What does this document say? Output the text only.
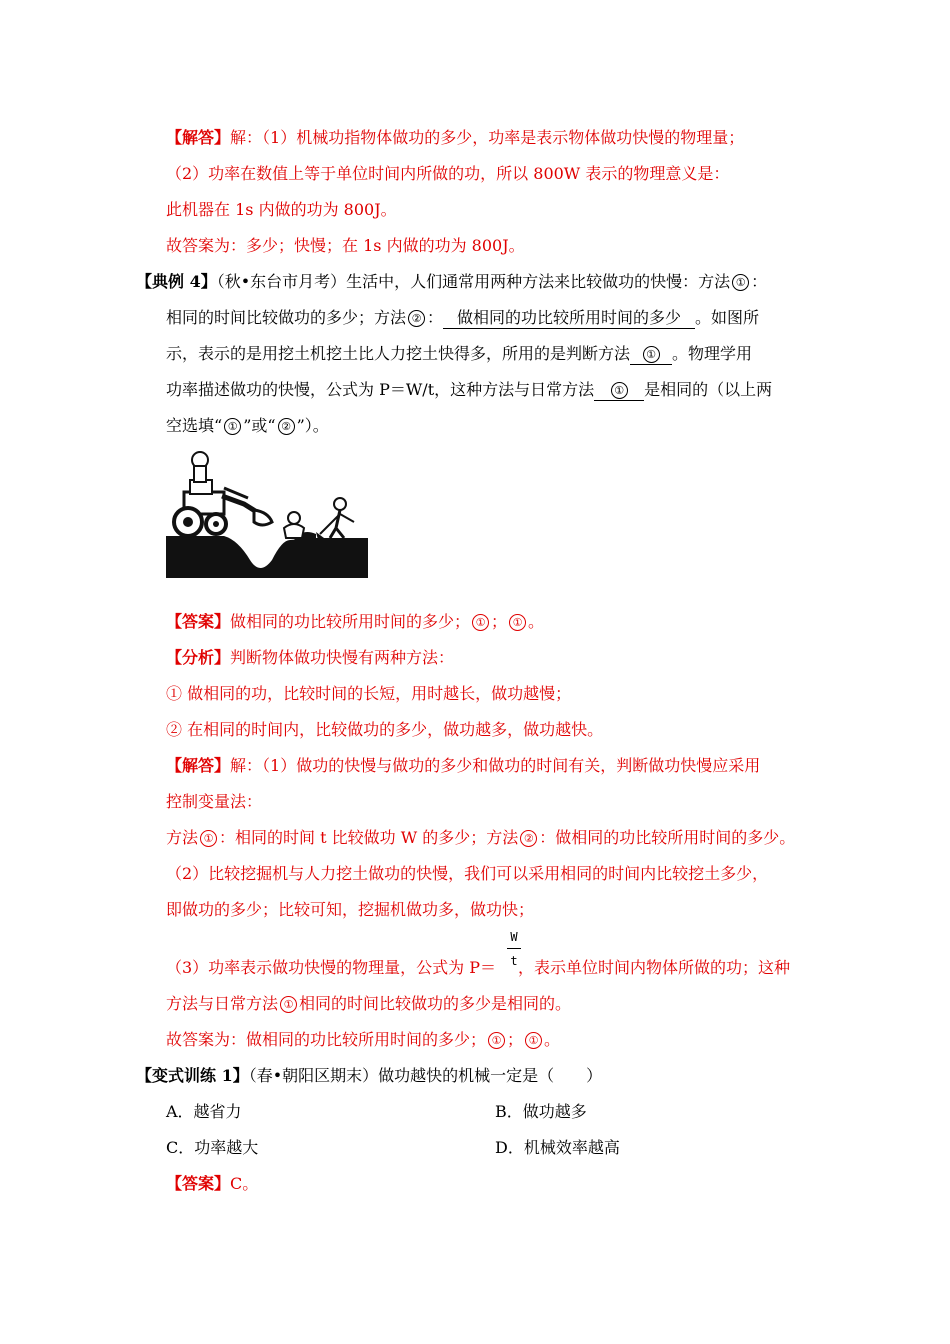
【解答】解：（1）机械功指物体做功的多少，功率是表示物体做功快慢的物理量；
（2）功率在数值上等于单位时间内所做的功，所以 800W 表示的物理意义是：
此机器在 1s 内做的功为 800J。
故答案为：多少；快慢；在 1s 内做的功为 800J。
【典例 4】（秋•东台市月考）生活中，人们通常用两种方法来比较做功的快慢：方法 ① ：
相同的时间比较做功的多少；方法 ② ： 做相同的功比较所用时间的多少 。如图所
示，表示的是用挖土机挖土比人力挖土快得多，所用的是判断方法 ① 。物理学用
功率描述做功的快慢，公式为 P＝W/t，这种方法与日常方法 ① 是相同的（以上两
空选填“ ① ”或“ ② ”）。
【答案】做相同的功比较所用时间的多少； ① ； ① 。
【分析】判断物体做功快慢有两种方法：
① 做相同的功，比较时间的长短，用时越长，做功越慢；
② 在相同的时间内，比较做功的多少，做功越多，做功越快。
【解答】解：（1）做功的快慢与做功的多少和做功的时间有关，判断做功快慢应采用
控制变量法：
方法 ① ：相同的时间 t 比较做功 W 的多少；方法 ② ：做相同的功比较所用时间的多少。
（2）比较挖掘机与人力挖土做功的快慢，我们可以采用相同的时间内比较挖土多少，
即做功的多少；比较可知，挖掘机做功多，做功快；
W
t
（3）功率表示做功快慢的物理量，公式为 P＝ ，表示单位时间内物体所做的功；这种
方法与日常方法 ① 相同的时间比较做功的多少是相同的。
故答案为：做相同的功比较所用时间的多少； ① ； ① 。
【变式训练 1】（春•朝阳区期末）做功越快的机械一定是（　　）
A．越省力	B．做功越多
C．功率越大	D．机械效率越高
【答案】C。
